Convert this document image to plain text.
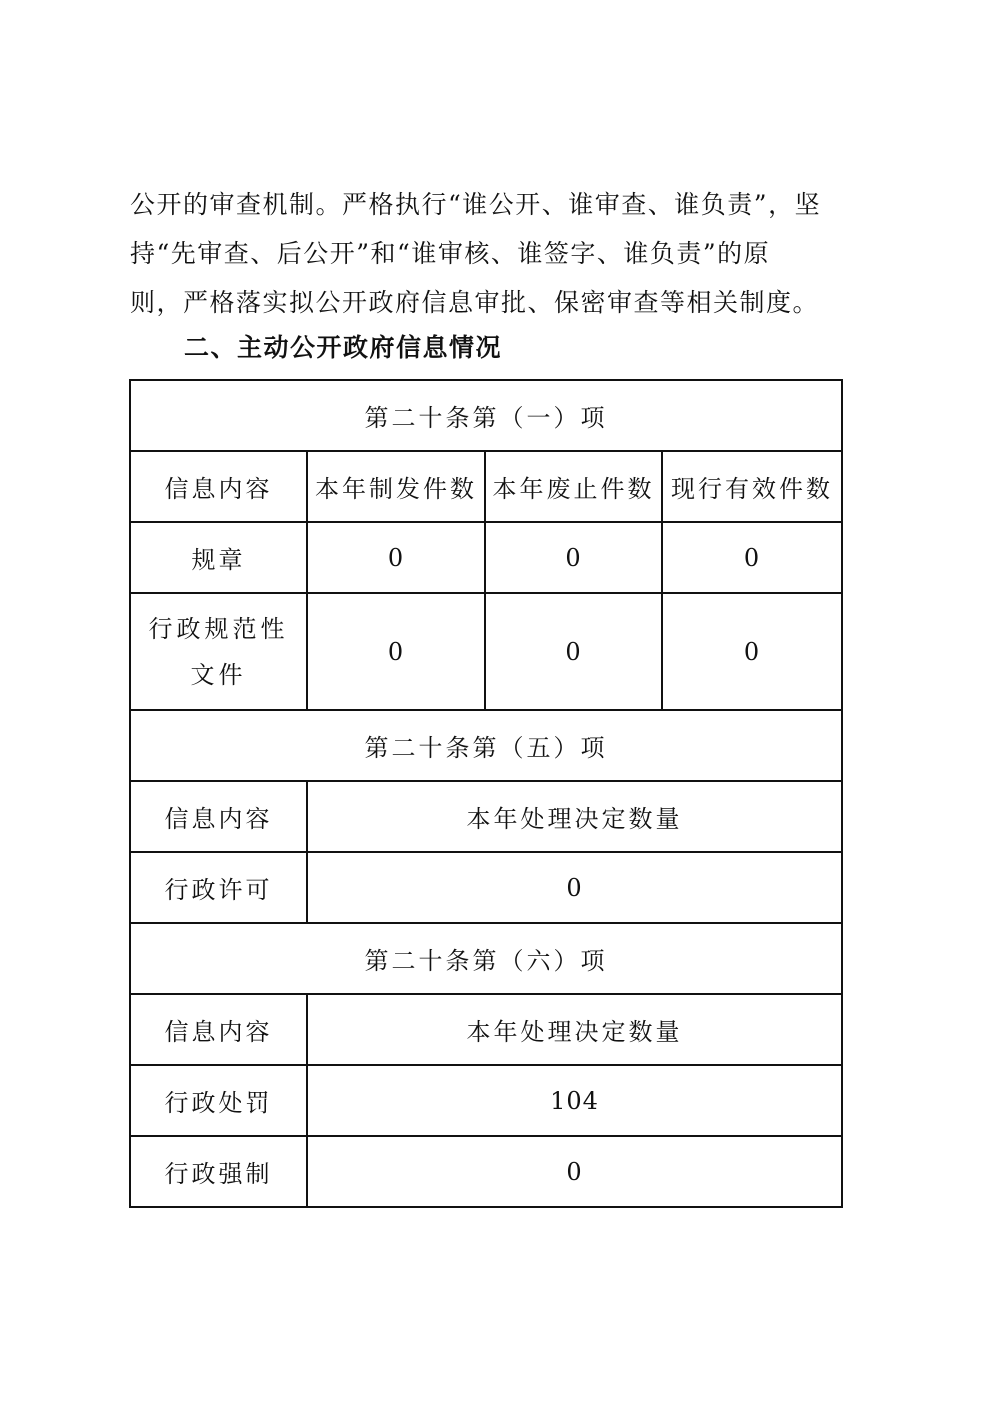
公开的审查机制。严格执行“谁公开、谁审查、谁负责”，坚

持“先审查、后公开”和“谁审核、谁签字、谁负责”的原

则，严格落实拟公开政府信息审批、保密审查等相关制度。

二、主动公开政府信息情况
第二十条第（一）项			
信息内容	本年制发件数	本年废止件数	现行有效件数
规章	0	0	0
行政规范性文件	0	0	0
第二十条第（五）项			
信息内容	本年处理决定数量		
行政许可	0		
第二十条第（六）项			
信息内容	本年处理决定数量		
行政处罚	104		
行政强制	0		
